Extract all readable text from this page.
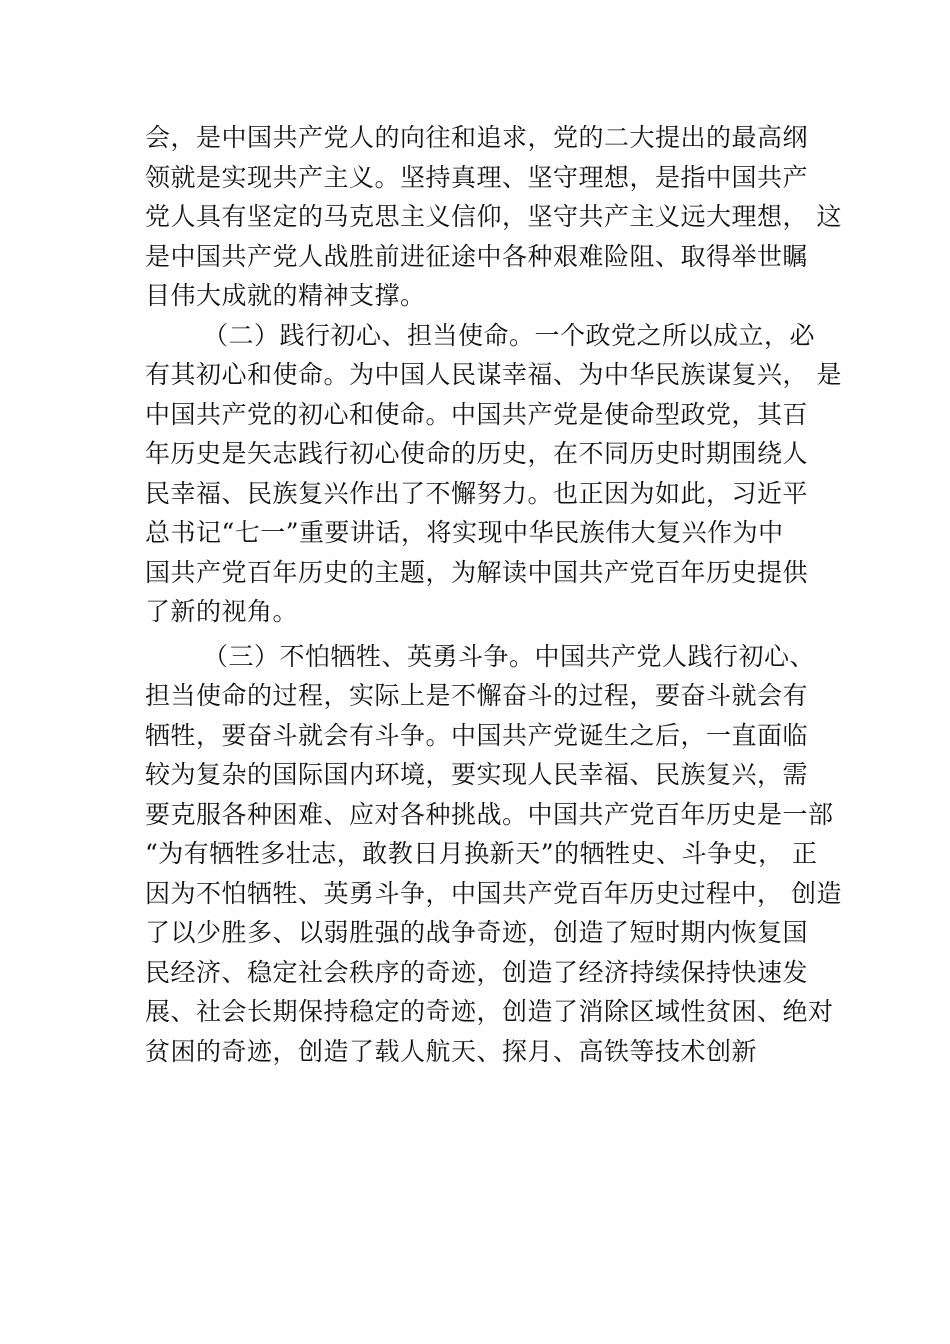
会，是中国共产党人的向往和追求，党的二大提出的最高纲
领就是实现共产主义。坚持真理、坚守理想，是指中国共产
党人具有坚定的马克思主义信仰，坚守共产主义远大理想， 这
是中国共产党人战胜前进征途中各种艰难险阻、取得举世瞩
目伟大成就的精神支撑。
（二）践行初心、担当使命。一个政党之所以成立，必
有其初心和使命。为中国人民谋幸福、为中华民族谋复兴， 是
中国共产党的初心和使命。中国共产党是使命型政党，其百
年历史是矢志践行初心使命的历史，在不同历史时期围绕人
民幸福、民族复兴作出了不懈努力。也正因为如此，习近平
总书记“七一”重要讲话，将实现中华民族伟大复兴作为中
国共产党百年历史的主题，为解读中国共产党百年历史提供
了新的视角。
（三）不怕牺牲、英勇斗争。中国共产党人践行初心、
担当使命的过程，实际上是不懈奋斗的过程，要奋斗就会有
牺牲，要奋斗就会有斗争。中国共产党诞生之后，一直面临
较为复杂的国际国内环境，要实现人民幸福、民族复兴，需
要克服各种困难、应对各种挑战。中国共产党百年历史是一部
“为有牺牲多壮志，敢教日月换新天”的牺牲史、斗争史， 正
因为不怕牺牲、英勇斗争，中国共产党百年历史过程中， 创造
了以少胜多、以弱胜强的战争奇迹，创造了短时期内恢复国
民经济、稳定社会秩序的奇迹，创造了经济持续保持快速发
展、社会长期保持稳定的奇迹，创造了消除区域性贫困、绝对
贫困的奇迹，创造了载人航天、探月、高铁等技术创新
